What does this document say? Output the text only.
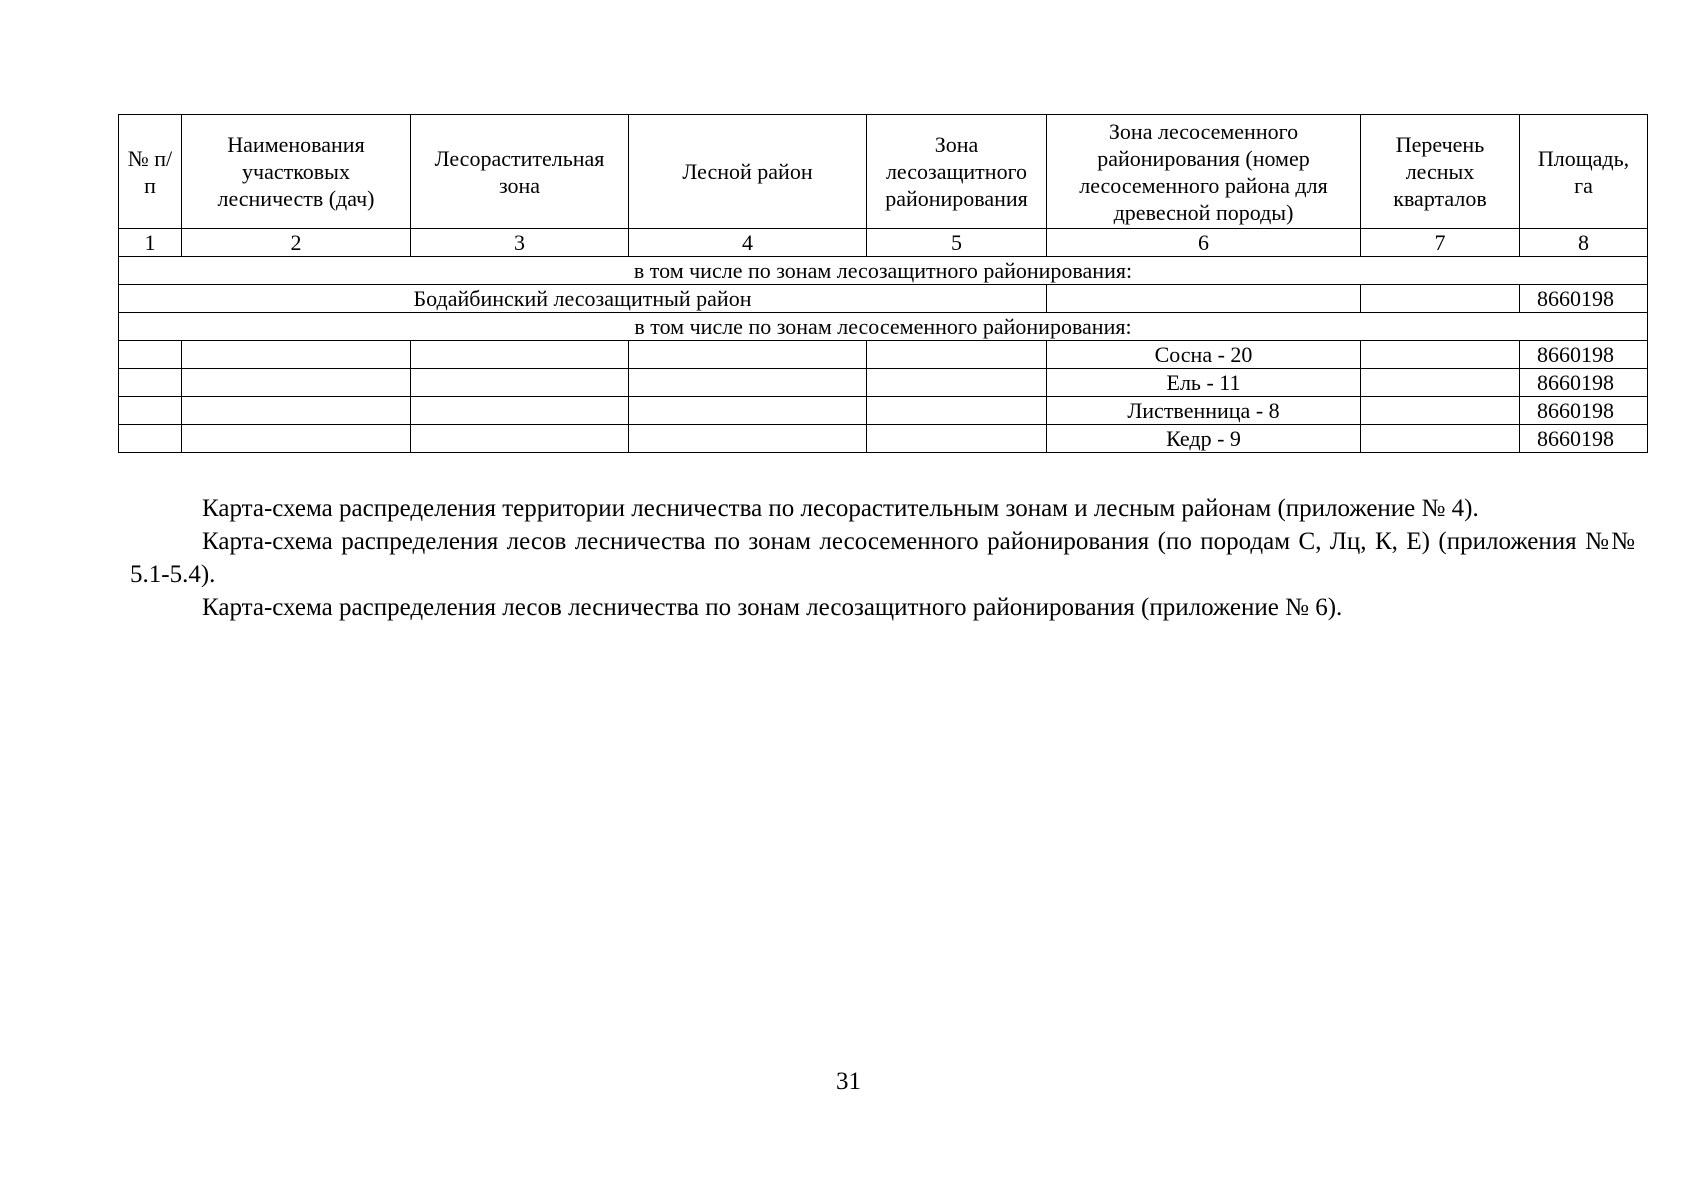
№ п/п	Наименования участковых лесничеств (дач)	Лесорастительная зона	Лесной район	Зона лесозащитного районирования	Зона лесосеменного районирования (номер лесосеменного района для древесной породы)	Перечень лесных кварталов	Площадь, га
1	2	3	4	5	6	7	8
в том числе по зонам лесозащитного районирования:							
Бодайбинский лесозащитный район							8660198
в том числе по зонам лесосеменного районирования:							
					Сосна - 20		8660198
					Ель - 11		8660198
					Лиственница - 8		8660198
					Кедр - 9		8660198

Карта-схема распределения территории лесничества по лесорастительным зонам и лесным районам (приложение № 4).

Карта-схема распределения лесов лесничества по зонам лесосеменного районирования (по породам С, Лц, К, Е) (приложения №№ 5.1-5.4).

Карта-схема распределения лесов лесничества по зонам лесозащитного районирования (приложение № 6).

31
